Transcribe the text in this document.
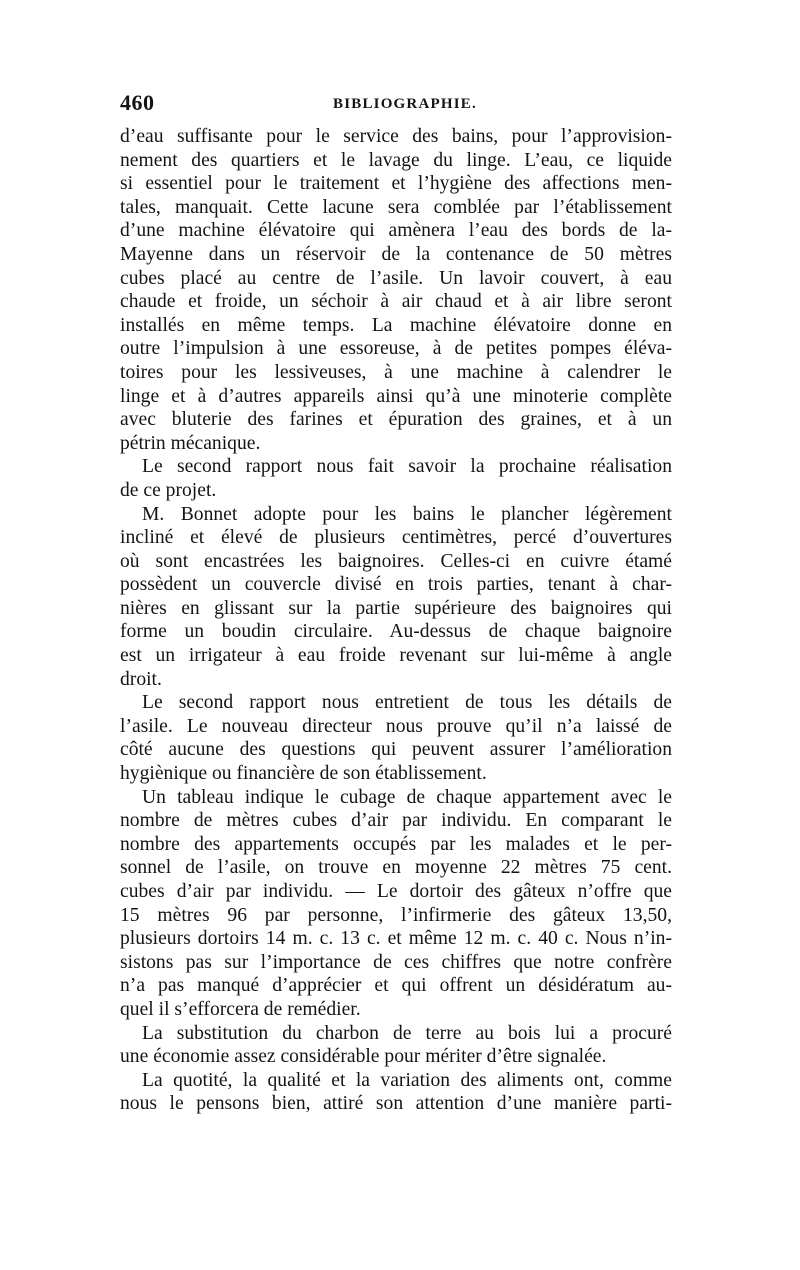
460	BIBLIOGRAPHIE.
d’eau suffisante pour le service des bains, pour l’approvision-
nement des quartiers et le lavage du linge. L’eau, ce liquide
si essentiel pour le traitement et l’hygiène des affections men-
tales, manquait. Cette lacune sera comblée par l’établissement
d’une machine élévatoire qui amènera l’eau des bords de la-
Mayenne dans un réservoir de la contenance de 50 mètres
cubes placé au centre de l’asile. Un lavoir couvert, à eau
chaude et froide, un séchoir à air chaud et à air libre seront
installés en même temps. La machine élévatoire donne en
outre l’impulsion à une essoreuse, à de petites pompes éléva-
toires pour les lessiveuses, à une machine à calendrer le
linge et à d’autres appareils ainsi qu’à une minoterie complète
avec bluterie des farines et épuration des graines, et à un
pétrin mécanique.
Le second rapport nous fait savoir la prochaine réalisation
de ce projet.
M. Bonnet adopte pour les bains le plancher légèrement
incliné et élevé de plusieurs centimètres, percé d’ouvertures
où sont encastrées les baignoires. Celles-ci en cuivre étamé
possèdent un couvercle divisé en trois parties, tenant à char-
nières en glissant sur la partie supérieure des baignoires qui
forme un boudin circulaire. Au-dessus de chaque baignoire
est un irrigateur à eau froide revenant sur lui-même à angle
droit.
Le second rapport nous entretient de tous les détails de
l’asile. Le nouveau directeur nous prouve qu’il n’a laissé de
côté aucune des questions qui peuvent assurer l’amélioration
hygiènique ou financière de son établissement.
Un tableau indique le cubage de chaque appartement avec le
nombre de mètres cubes d’air par individu. En comparant le
nombre des appartements occupés par les malades et le per-
sonnel de l’asile, on trouve en moyenne 22 mètres 75 cent.
cubes d’air par individu. — Le dortoir des gâteux n’offre que
15 mètres 96 par personne, l’infirmerie des gâteux 13,50,
plusieurs dortoirs 14 m. c. 13 c. et même 12 m. c. 40 c. Nous n’in-
sistons pas sur l’importance de ces chiffres que notre confrère
n’a pas manqué d’apprécier et qui offrent un désidératum au-
quel il s’efforcera de remédier.
La substitution du charbon de terre au bois lui a procuré
une économie assez considérable pour mériter d’être signalée.
La quotité, la qualité et la variation des aliments ont, comme
nous le pensons bien, attiré son attention d’une manière parti-
